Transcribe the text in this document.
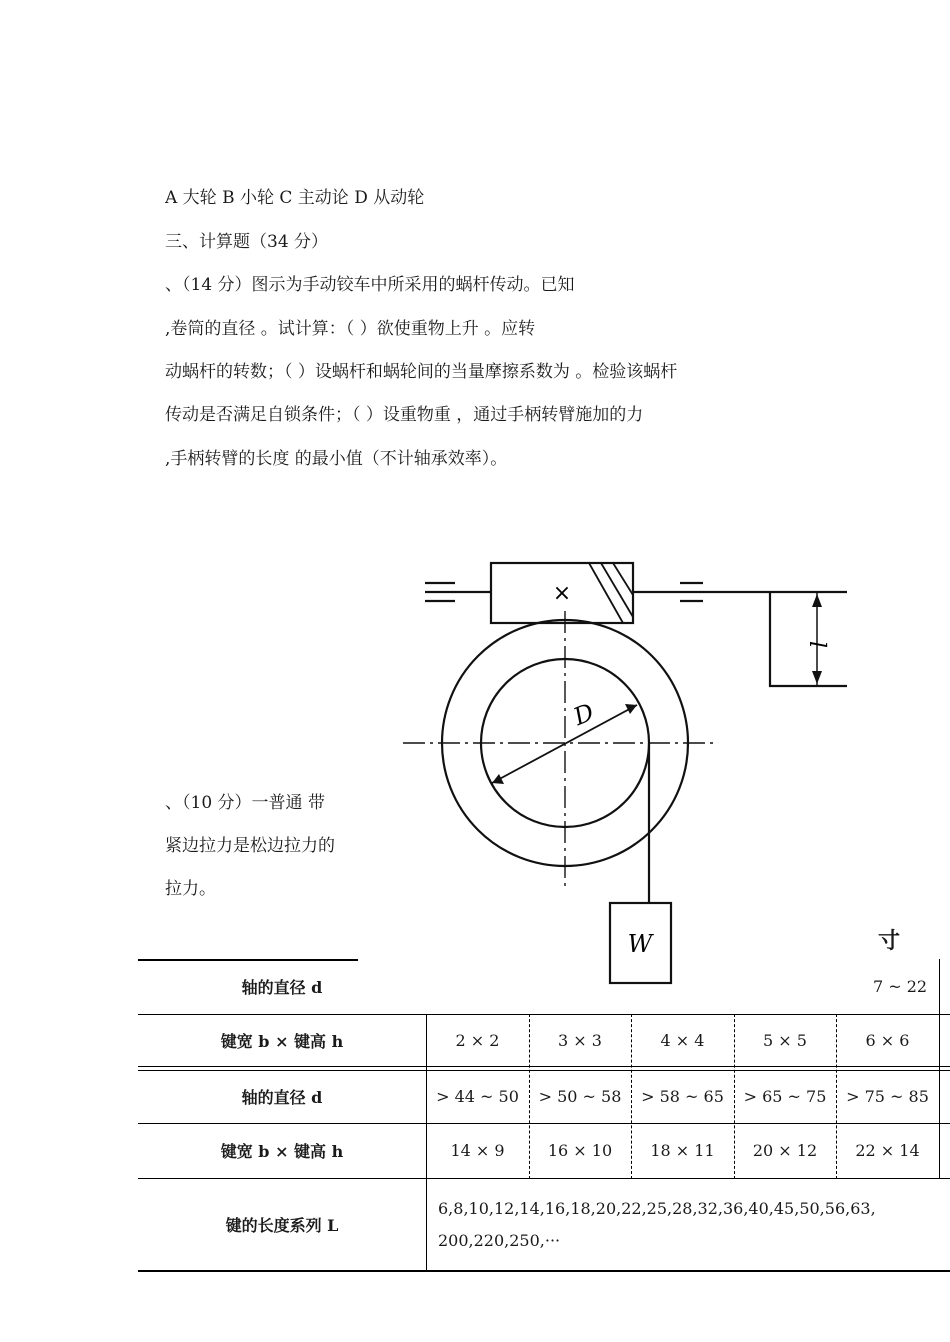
A 大轮 B 小轮 C 主动论 D 从动轮
三、计算题（34 分）
、（14 分）图示为手动铰车中所采用的蜗杆传动。已知
,卷筒的直径 。试计算：（ ）欲使重物上升 。应转
动蜗杆的转数；（ ）设蜗杆和蜗轮间的当量摩擦系数为 。检验该蜗杆
传动是否满足自锁条件；（ ）设重物重 ，通过手柄转臂施加的力
,手柄转臂的长度 的最小值（不计轴承效率）。
、（10 分）一普通 带
紧边拉力是松边拉力的
拉力。
×
D
l
W	寸
轴的直径 d	7 ~ 22
键宽 b × 键高 h	2 × 2	3 × 3	4 × 4	5 × 5	6 × 6
轴的直径 d	> 44 ~ 50	> 50 ~ 58	> 58 ~ 65	> 65 ~ 75	> 75 ~ 85
键宽 b × 键高 h	14 × 9	16 × 10	18 × 11	20 × 12	22 × 14
键的长度系列 L
6,8,10,12,14,16,18,20,22,25,28,32,36,40,45,50,56,63,
200,220,250,···
